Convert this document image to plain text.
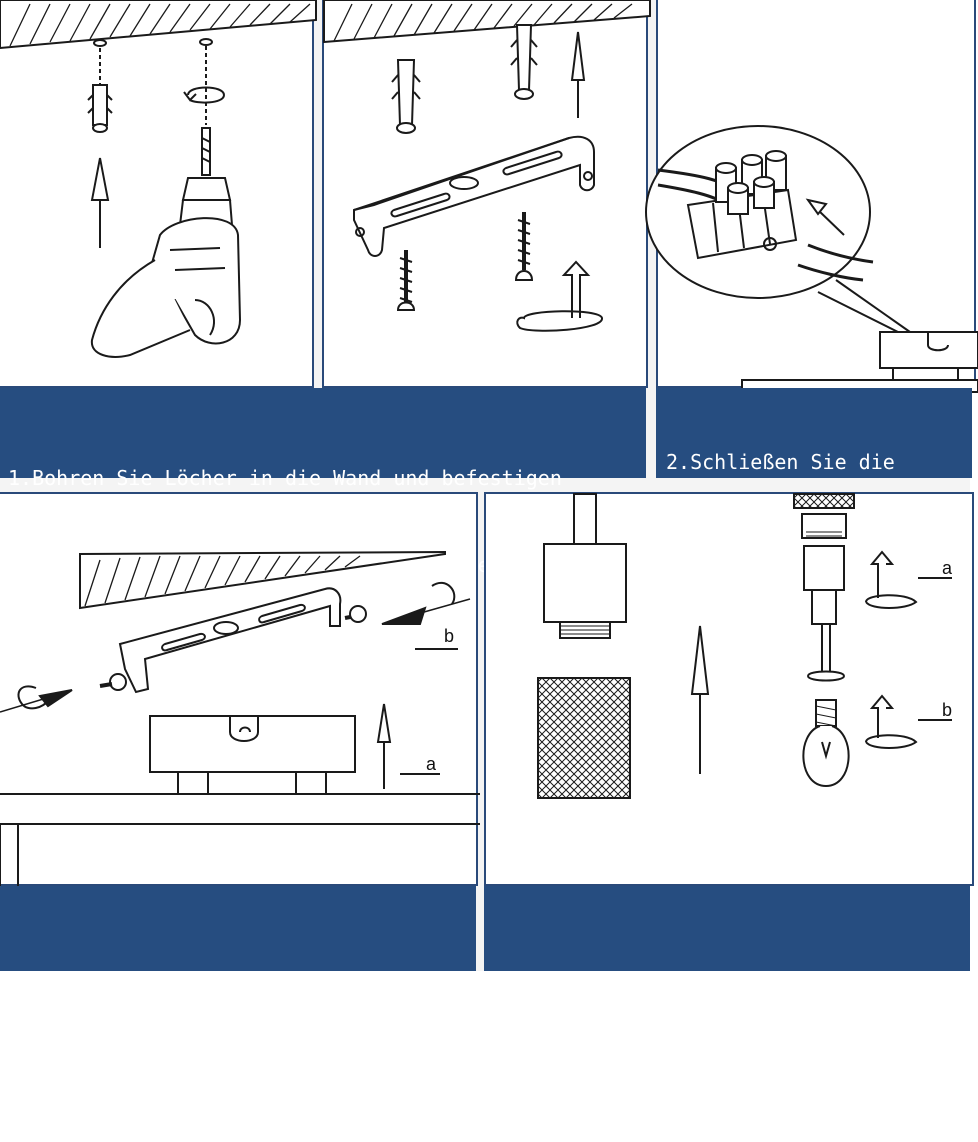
1.Bohren Sie Löcher in die Wand und befestigen

2.Schließen Sie die

b
a

3.Befestigen Sie die Leuchte an der

Montageplatte

a
b

4.Installieren Sie die E14-Glühbirne
